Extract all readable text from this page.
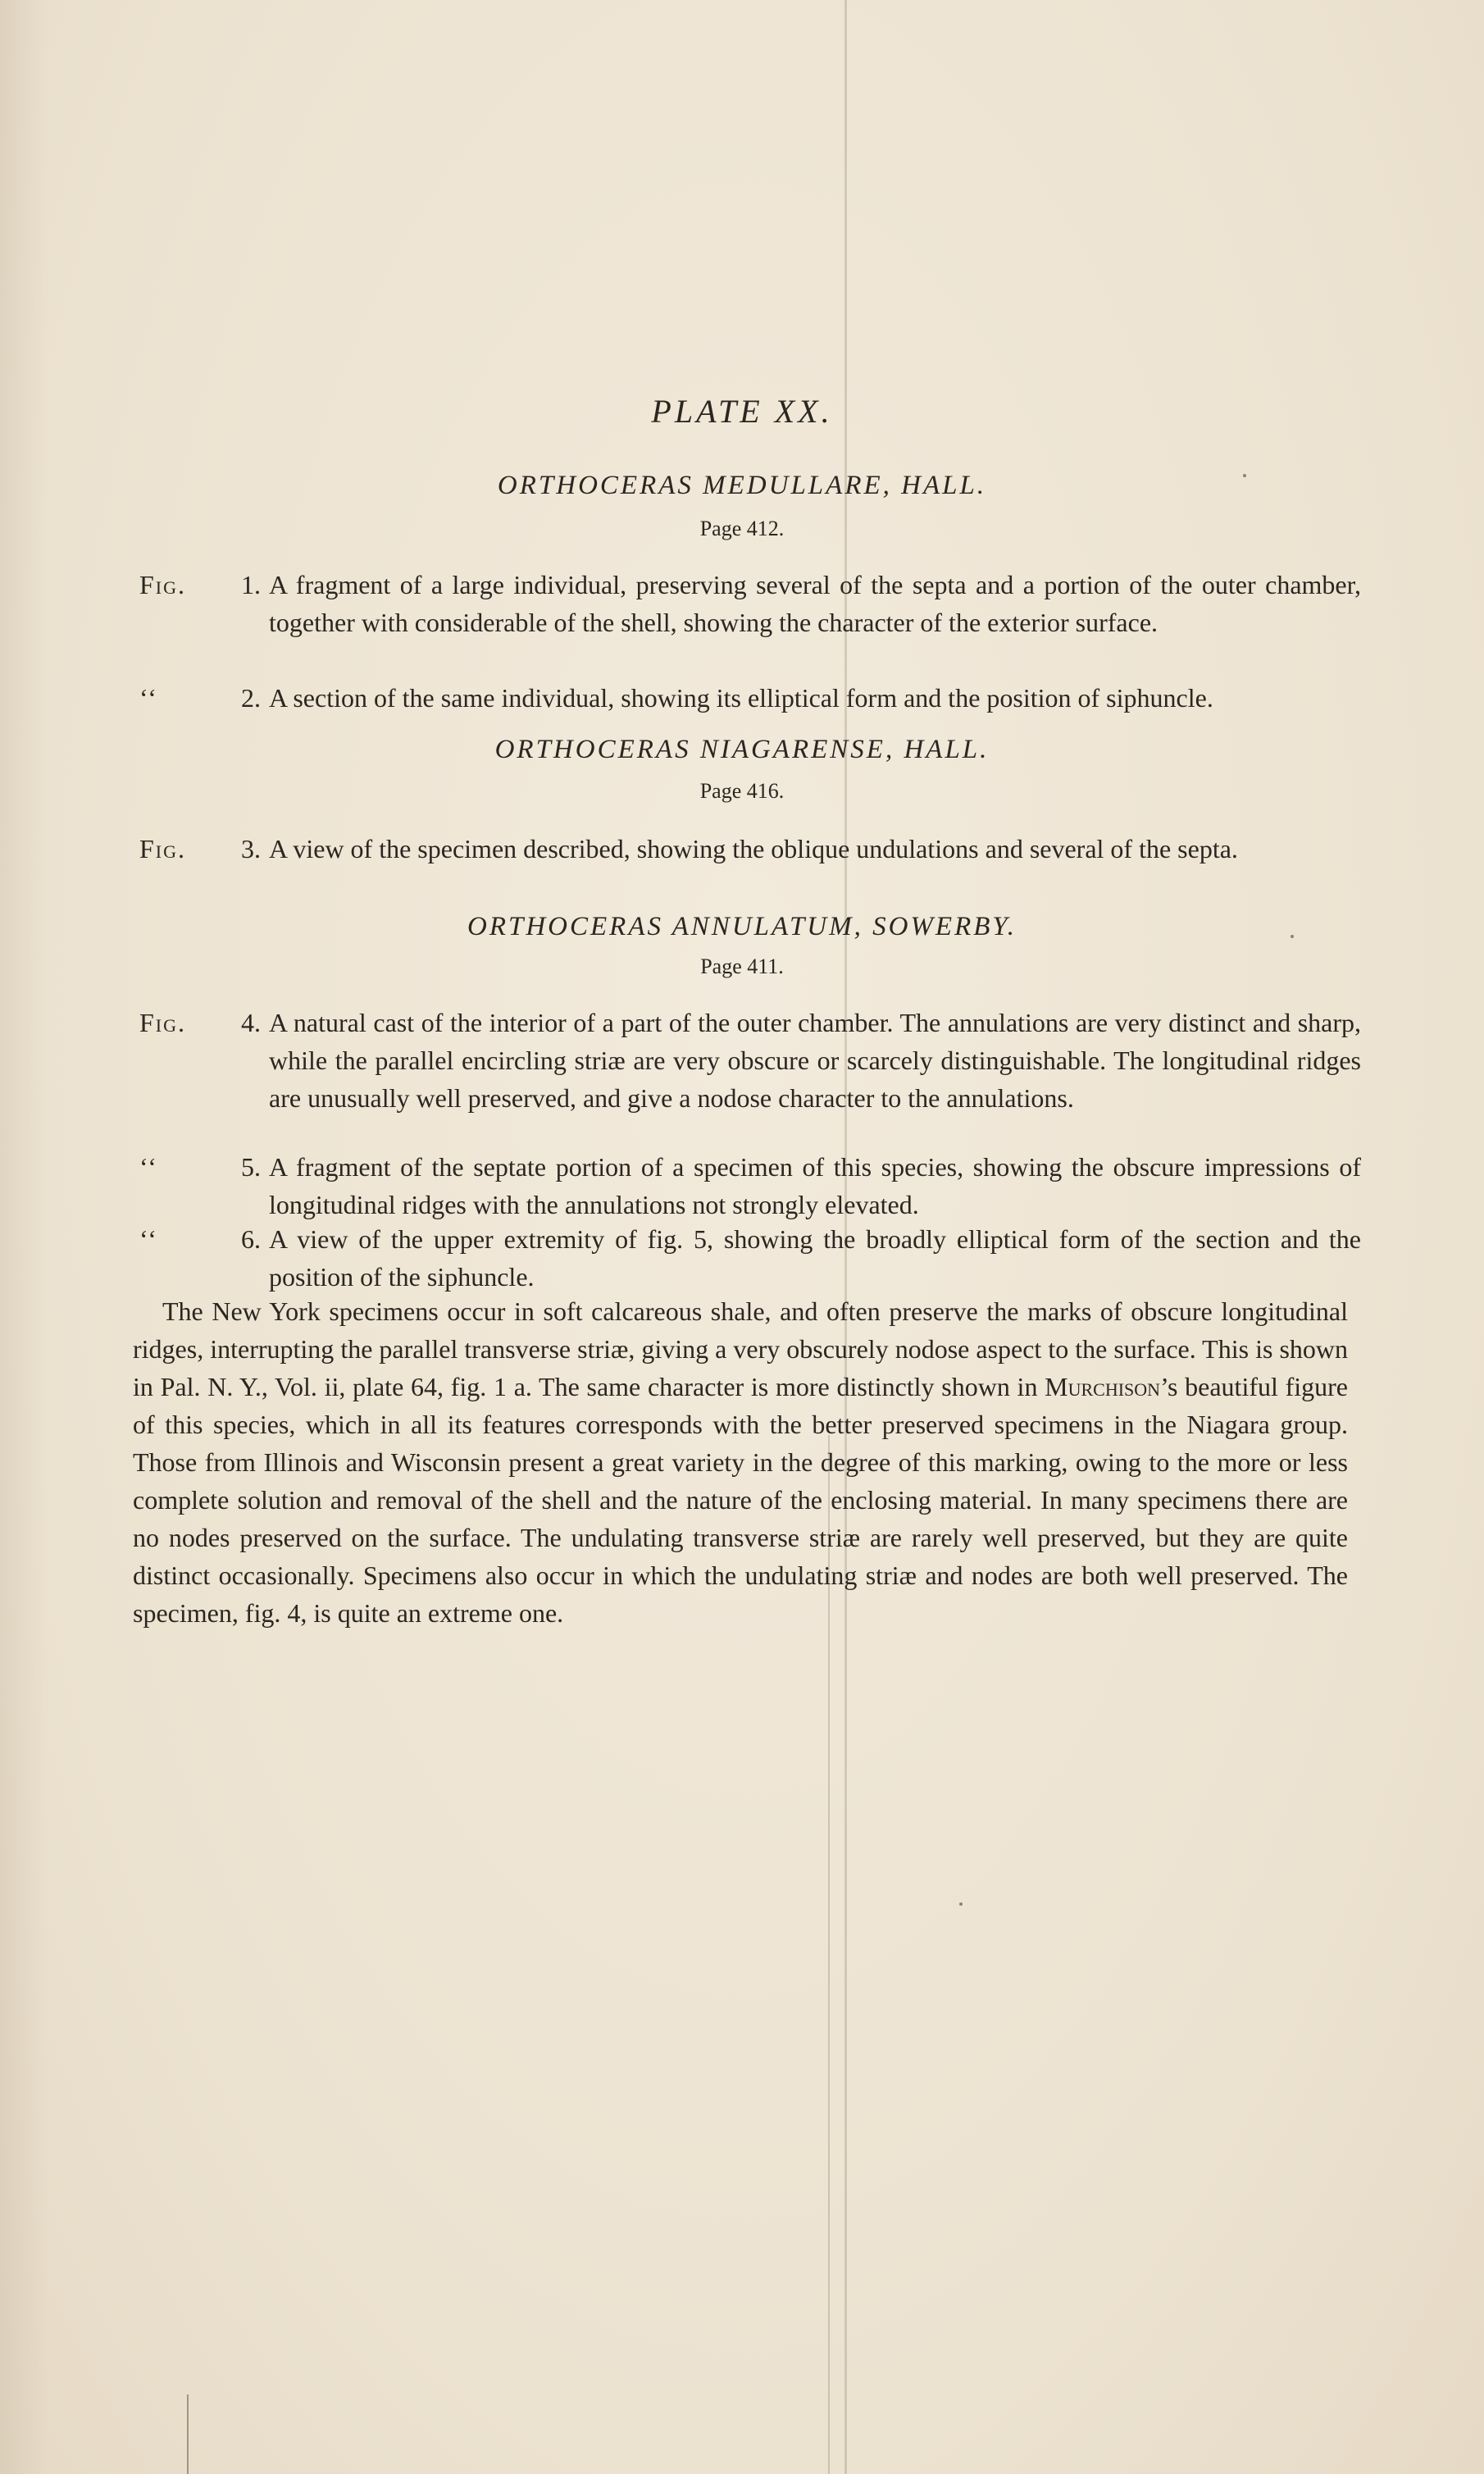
PLATE XX.
ORTHOCERAS MEDULLARE, HALL.
Page 412.
Fig.	1. A fragment of a large individual, preserving several of the septa and a portion of the outer chamber, together with considerable of the shell, showing the character of the exterior surface.
‘‘	2. A section of the same individual, showing its elliptical form and the position of siphuncle.
ORTHOCERAS NIAGARENSE, HALL.
Page 416.
Fig.	3. A view of the specimen described, showing the oblique undulations and several of the septa.
ORTHOCERAS ANNULATUM, SOWERBY.
Page 411.
Fig.	4. A natural cast of the interior of a part of the outer chamber. The annulations are very distinct and sharp, while the parallel encircling striæ are very obscure or scarcely distinguishable. The longitudinal ridges are unusually well preserved, and give a nodose character to the annulations.
‘‘	5. A fragment of the septate portion of a specimen of this species, showing the obscure impressions of longitudinal ridges with the annulations not strongly elevated.
‘‘	6. A view of the upper extremity of fig. 5, showing the broadly elliptical form of the section and the position of the siphuncle.
The New York specimens occur in soft calcareous shale, and often preserve the marks of obscure longitudinal ridges, interrupting the parallel transverse striæ, giving a very obscurely nodose aspect to the surface. This is shown in Pal. N. Y., Vol. ii, plate 64, fig. 1 a. The same character is more distinctly shown in Murchison’s beautiful figure of this species, which in all its features corresponds with the better preserved specimens in the Niagara group. Those from Illinois and Wisconsin present a great variety in the degree of this marking, owing to the more or less complete solution and removal of the shell and the nature of the enclosing material. In many specimens there are no nodes preserved on the surface. The undulating transverse striæ are rarely well preserved, but they are quite distinct occasionally. Specimens also occur in which the undulating striæ and nodes are both well preserved. The specimen, fig. 4, is quite an extreme one.
